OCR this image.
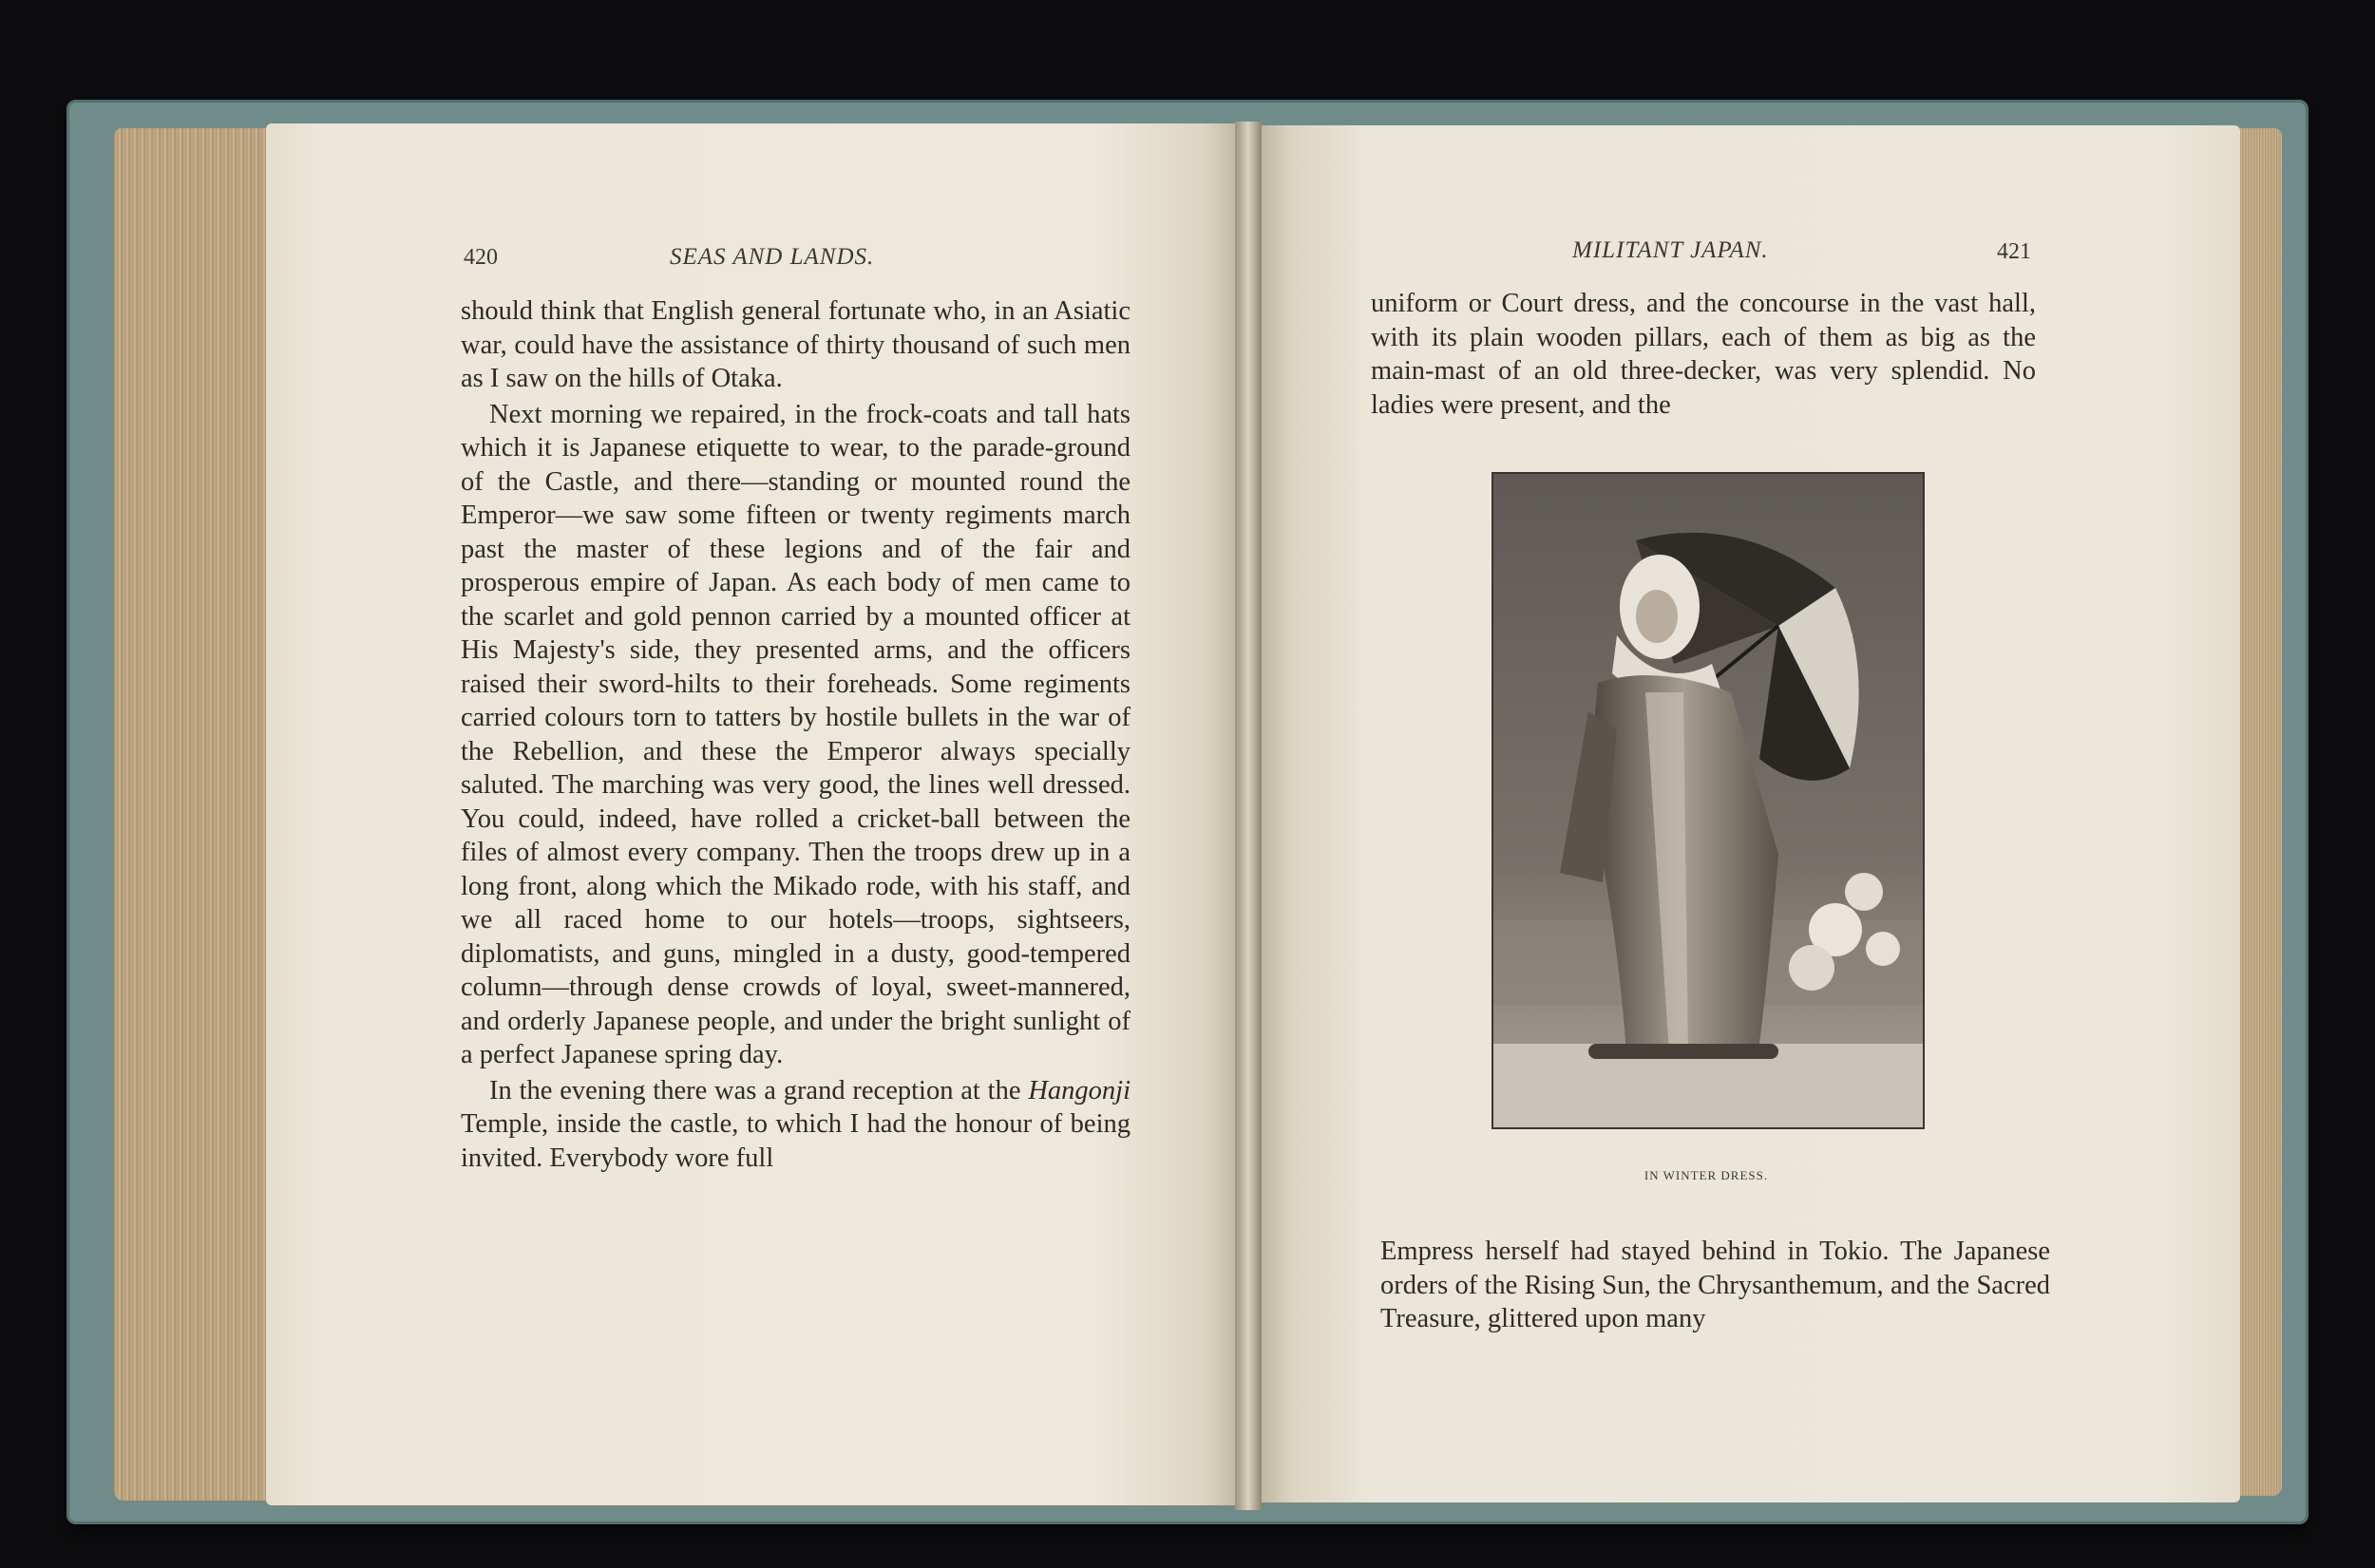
420	SEAS AND LANDS.

should think that English general fortunate who, in an Asiatic war, could have the assistance of thirty thousand of such men as I saw on the hills of Otaka.

Next morning we repaired, in the frock-coats and tall hats which it is Japanese etiquette to wear, to the parade-ground of the Castle, and there—standing or mounted round the Emperor—we saw some fifteen or twenty regiments march past the master of these legions and of the fair and prosperous empire of Japan. As each body of men came to the scarlet and gold pennon carried by a mounted officer at His Majesty's side, they presented arms, and the officers raised their sword-hilts to their foreheads. Some regiments carried colours torn to tatters by hostile bullets in the war of the Rebellion, and these the Emperor always specially saluted. The marching was very good, the lines well dressed. You could, indeed, have rolled a cricket-ball between the files of almost every company. Then the troops drew up in a long front, along which the Mikado rode, with his staff, and we all raced home to our hotels—troops, sightseers, diplomatists, and guns, mingled in a dusty, good-tempered column—through dense crowds of loyal, sweet-mannered, and orderly Japanese people, and under the bright sunlight of a perfect Japanese spring day.

In the evening there was a grand reception at the Hangonji Temple, inside the castle, to which I had the honour of being invited. Everybody wore full

MILITANT JAPAN.	421
uniform or Court dress, and the concourse in the vast hall, with its plain wooden pillars, each of them as big as the main-mast of an old three-decker, was very splendid. No ladies were present, and the
IN WINTER DRESS.
Empress herself had stayed behind in Tokio. The Japanese orders of the Rising Sun, the Chrysanthemum, and the Sacred Treasure, glittered upon many
